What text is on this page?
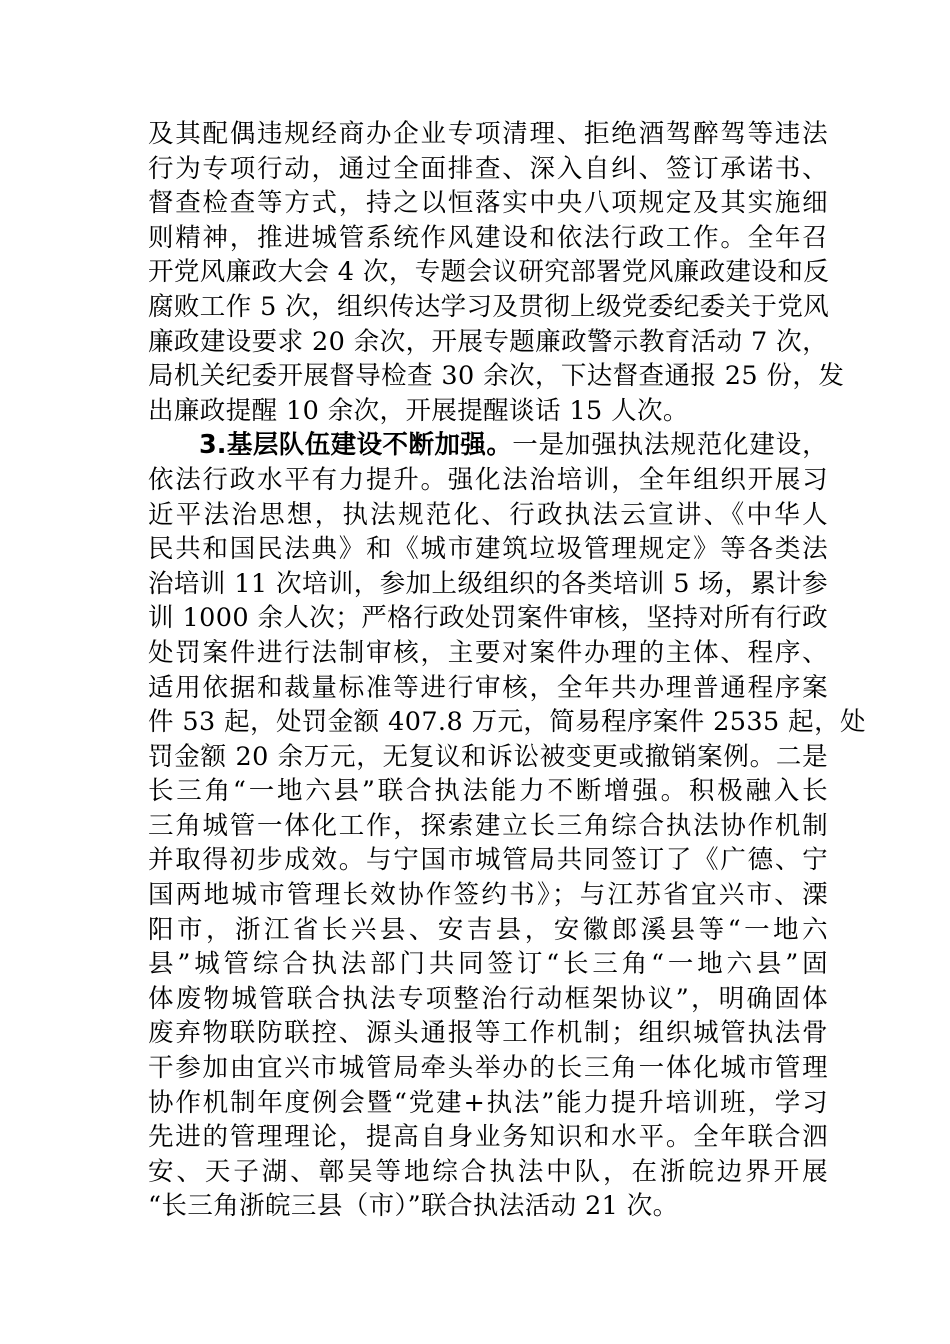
及其配偶违规经商办企业专项清理、拒绝酒驾醉驾等违法
行为专项行动，通过全面排查、深入自纠、签订承诺书、
督查检查等方式，持之以恒落实中央八项规定及其实施细
则精神，推进城管系统作风建设和依法行政工作。全年召
开党风廉政大会 4 次，专题会议研究部署党风廉政建设和反
腐败工作 5 次，组织传达学习及贯彻上级党委纪委关于党风
廉政建设要求 20 余次，开展专题廉政警示教育活动 7 次，
局机关纪委开展督导检查 30 余次，下达督查通报 25 份，发
出廉政提醒 10 余次，开展提醒谈话 15 人次。
3.基层队伍建设不断加强。一是加强执法规范化建设，
依法行政水平有力提升。强化法治培训，全年组织开展习
近平法治思想，执法规范化、行政执法云宣讲、《中华人
民共和国民法典》和《城市建筑垃圾管理规定》等各类法
治培训 11 次培训，参加上级组织的各类培训 5 场，累计参
训 1000 余人次；严格行政处罚案件审核，坚持对所有行政
处罚案件进行法制审核，主要对案件办理的主体、程序、
适用依据和裁量标准等进行审核，全年共办理普通程序案
件 53 起，处罚金额 407.8 万元，简易程序案件 2535 起，处
罚金额 20 余万元，无复议和诉讼被变更或撤销案例。二是
长三角“一地六县”联合执法能力不断增强。积极融入长
三角城管一体化工作，探索建立长三角综合执法协作机制
并取得初步成效。与宁国市城管局共同签订了《广德、宁
国两地城市管理长效协作签约书》；与江苏省宜兴市、溧
阳市，浙江省长兴县、安吉县，安徽郎溪县等“一地六
县”城管综合执法部门共同签订“长三角“一地六县”固
体废物城管联合执法专项整治行动框架协议”，明确固体
废弃物联防联控、源头通报等工作机制；组织城管执法骨
干参加由宜兴市城管局牵头举办的长三角一体化城市管理
协作机制年度例会暨“党建+执法”能力提升培训班，学习
先进的管理理论，提高自身业务知识和水平。全年联合泗
安、天子湖、鄣吴等地综合执法中队，在浙皖边界开展
“长三角浙皖三县（市）”联合执法活动 21 次。
